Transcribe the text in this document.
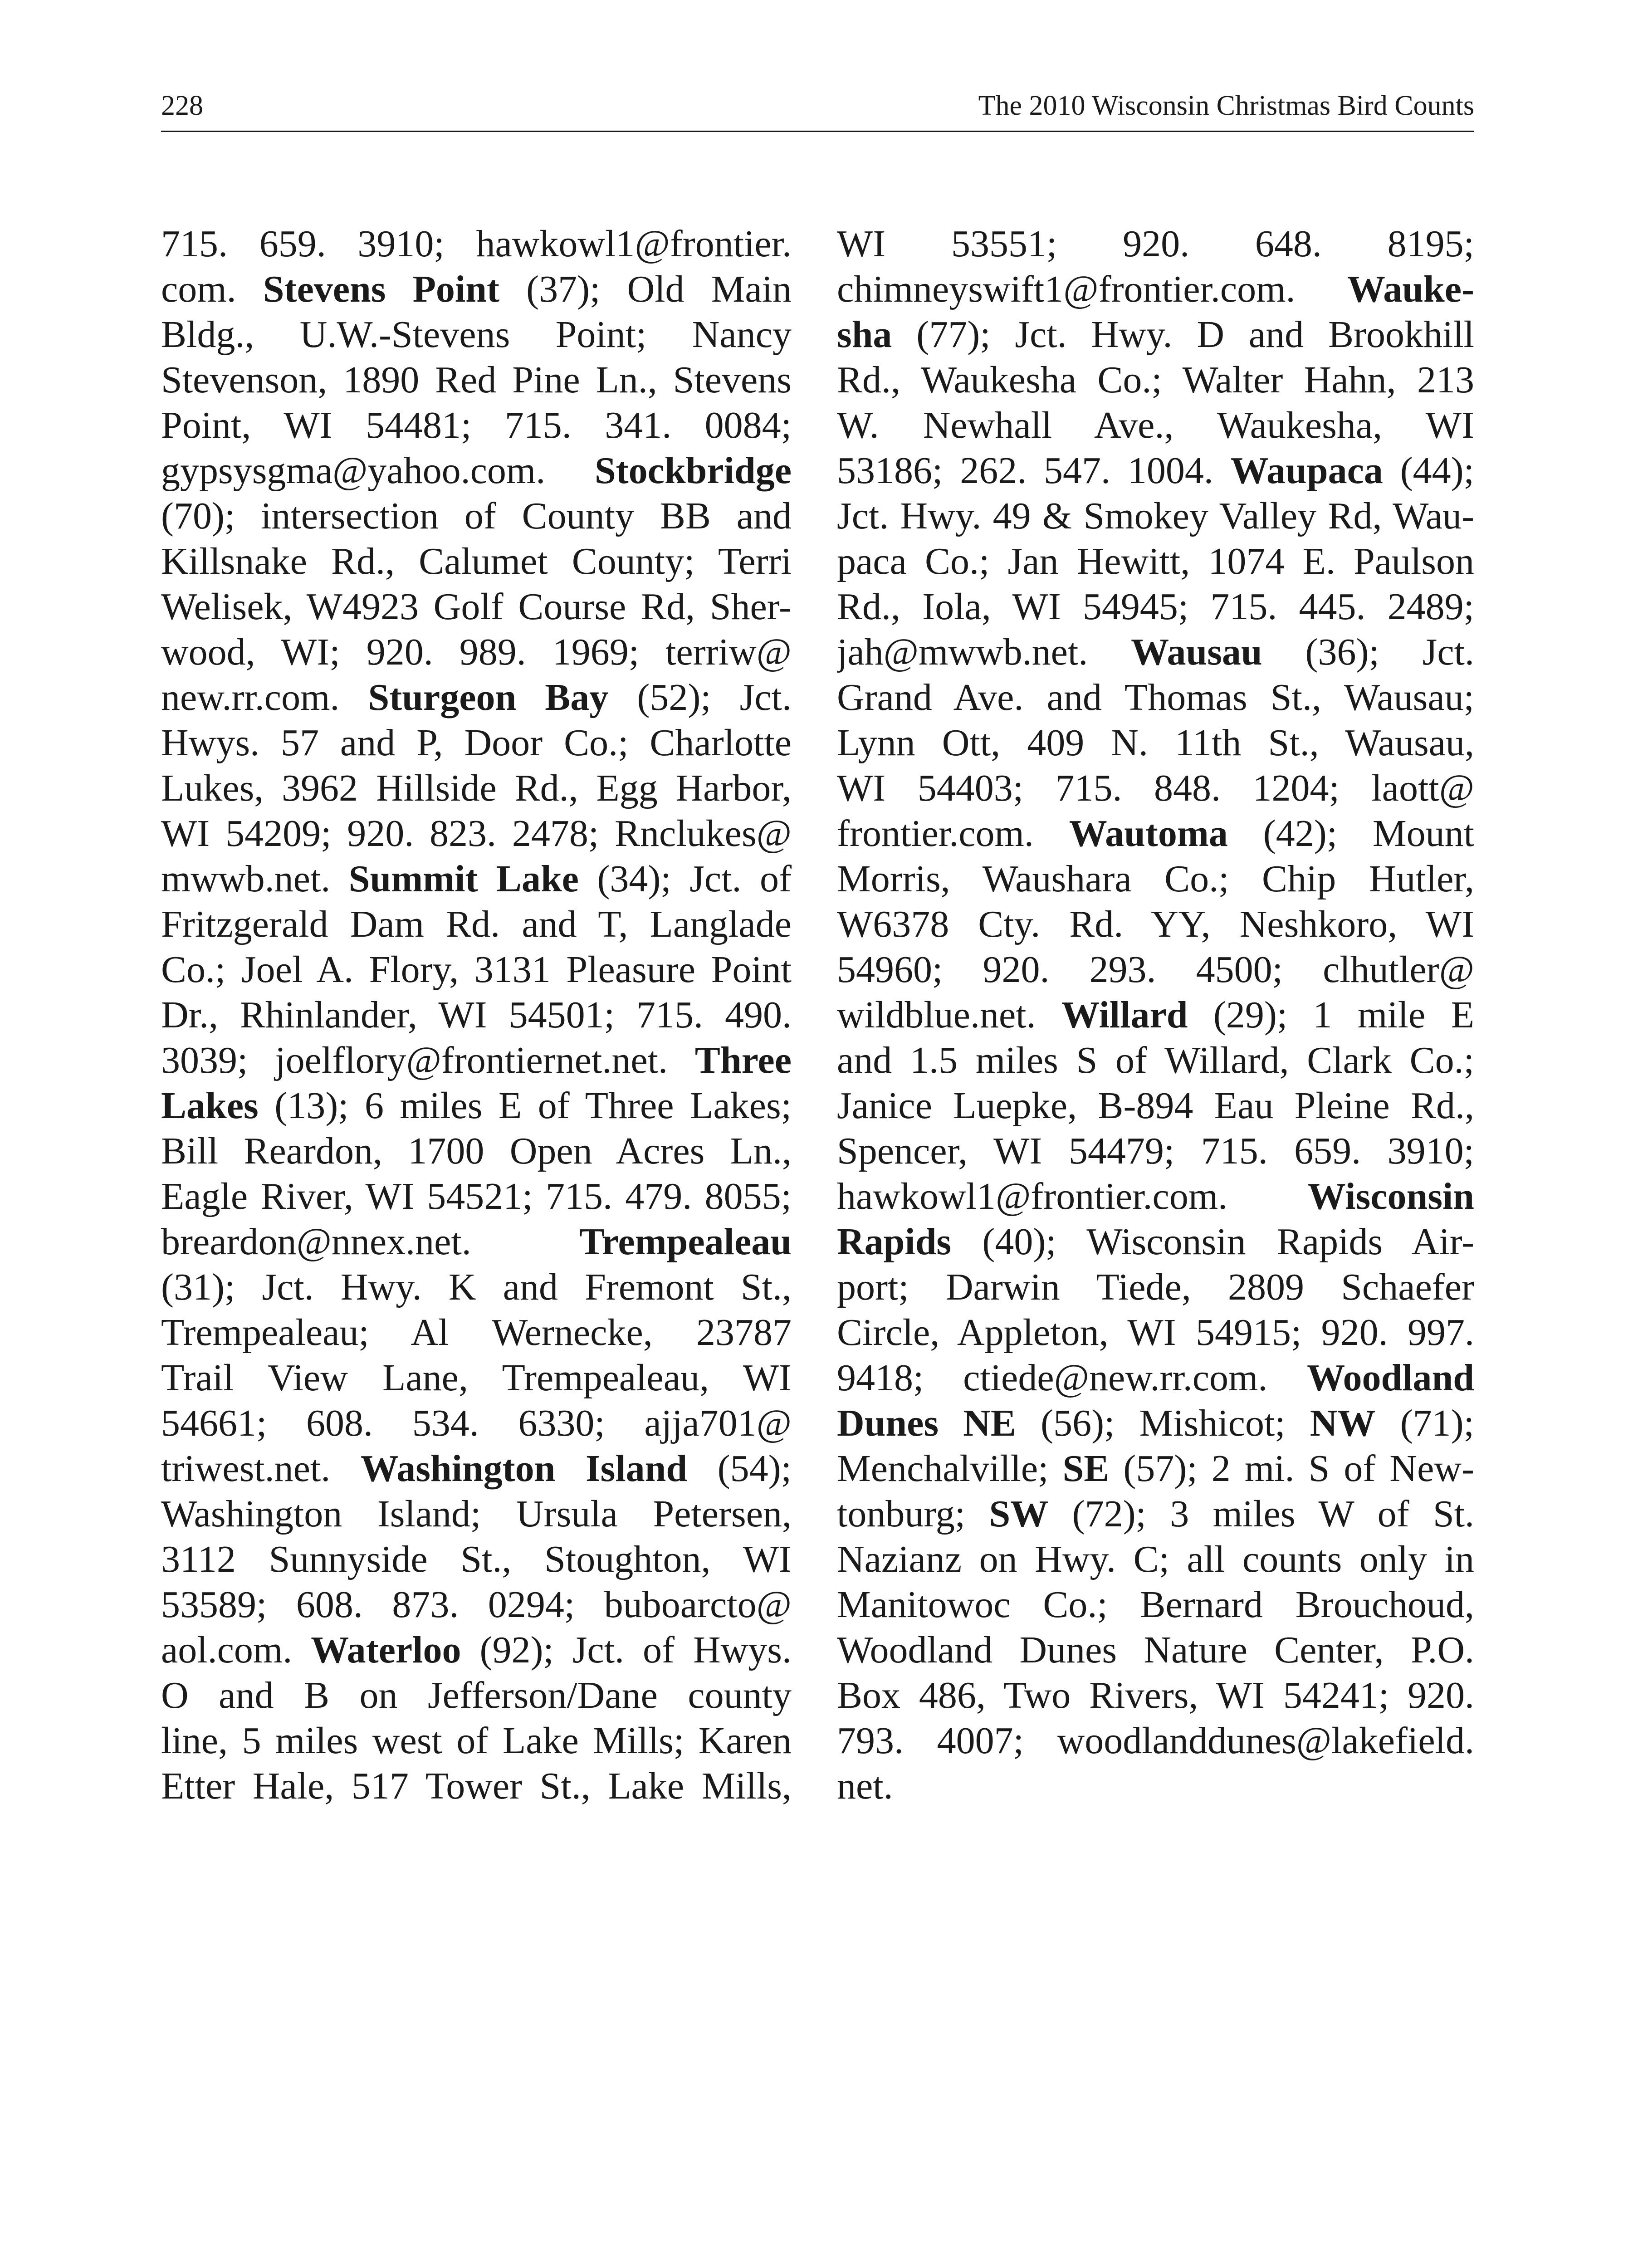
228	The 2010 Wisconsin Christmas Bird Counts
715. 659. 3910; hawkowl1@frontier.
com. Stevens Point (37); Old Main
Bldg., U.W.-Stevens Point; Nancy
Stevenson, 1890 Red Pine Ln., Stevens
Point, WI 54481; 715. 341. 0084;
gypsysgma@yahoo.com. Stockbridge
(70); intersection of County BB and
Killsnake Rd., Calumet County; Terri
Welisek, W4923 Golf Course Rd, Sher-
wood, WI; 920. 989. 1969; terriw@
new.rr.com. Sturgeon Bay (52); Jct.
Hwys. 57 and P, Door Co.; Charlotte
Lukes, 3962 Hillside Rd., Egg Harbor,
WI 54209; 920. 823. 2478; Rnclukes@
mwwb.net. Summit Lake (34); Jct. of
Fritzgerald Dam Rd. and T, Langlade
Co.; Joel A. Flory, 3131 Pleasure Point
Dr., Rhinlander, WI 54501; 715. 490.
3039; joelflory@frontiernet.net. Three
Lakes (13); 6 miles E of Three Lakes;
Bill Reardon, 1700 Open Acres Ln.,
Eagle River, WI 54521; 715. 479. 8055;
breardon@nnex.net. Trempealeau
(31); Jct. Hwy. K and Fremont St.,
Trempealeau; Al Wernecke, 23787
Trail View Lane, Trempealeau, WI
54661; 608. 534. 6330; ajja701@
triwest.net. Washington Island (54);
Washington Island; Ursula Petersen,
3112 Sunnyside St., Stoughton, WI
53589; 608. 873. 0294; buboarcto@
aol.com. Waterloo (92); Jct. of Hwys.
O and B on Jefferson/Dane county
line, 5 miles west of Lake Mills; Karen
Etter Hale, 517 Tower St., Lake Mills,
WI 53551; 920. 648. 8195;
chimneyswift1@frontier.com. Wauke-
sha (77); Jct. Hwy. D and Brookhill
Rd., Waukesha Co.; Walter Hahn, 213
W. Newhall Ave., Waukesha, WI
53186; 262. 547. 1004. Waupaca (44);
Jct. Hwy. 49 & Smokey Valley Rd, Wau-
paca Co.; Jan Hewitt, 1074 E. Paulson
Rd., Iola, WI 54945; 715. 445. 2489;
jah@mwwb.net. Wausau (36); Jct.
Grand Ave. and Thomas St., Wausau;
Lynn Ott, 409 N. 11th St., Wausau,
WI 54403; 715. 848. 1204; laott@
frontier.com. Wautoma (42); Mount
Morris, Waushara Co.; Chip Hutler,
W6378 Cty. Rd. YY, Neshkoro, WI
54960; 920. 293. 4500; clhutler@
wildblue.net. Willard (29); 1 mile E
and 1.5 miles S of Willard, Clark Co.;
Janice Luepke, B-894 Eau Pleine Rd.,
Spencer, WI 54479; 715. 659. 3910;
hawkowl1@frontier.com. Wisconsin
Rapids (40); Wisconsin Rapids Air-
port; Darwin Tiede, 2809 Schaefer
Circle, Appleton, WI 54915; 920. 997.
9418; ctiede@new.rr.com. Woodland
Dunes NE (56); Mishicot; NW (71);
Menchalville; SE (57); 2 mi. S of New-
tonburg; SW (72); 3 miles W of St.
Nazianz on Hwy. C; all counts only in
Manitowoc Co.; Bernard Brouchoud,
Woodland Dunes Nature Center, P.O.
Box 486, Two Rivers, WI 54241; 920.
793. 4007; woodlanddunes@lakefield.
net.
